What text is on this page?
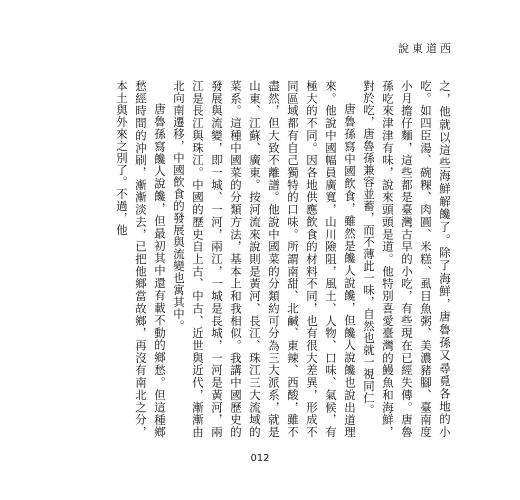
說東道西

之，他就以這些海鮮解饞了。除了海鮮，唐魯孫又尋覓各地的小吃。如四臣湯、碗粿、肉圓、米糕、虱目魚粥、美濃豬腳、臺南度小月擔仔麵，這些都是臺灣古早的小吃，有些現在已經失傳。唐魯孫吃來津津有味，說來頭頭是道。他特別喜愛臺灣的鰻魚和海鮮，對於吃，唐魯孫兼容並蓄，而不薄此一味，自然也就一視同仁。

唐魯孫寫中國飲食，雖然是饞人說饞，但饞人說饞也說出道理來。他說中國幅員廣寬，山川險阻，風土、人物、口味、氣候，有極大的不同。因各地供應飲食的材料不同，也有很大差異，形成不同區域都有自己獨特的口味。所謂南甜、北鹹、東辣、西酸，雖不盡然，但大致不離譜。他說中國菜的分類約可分為三大派系，就是山東、江蘇、廣東。按河流來說則是黃河、長江、珠江三大流域的菜系。這種中國菜的分類方法，基本上和我相似。我講中國歷史的發展與流變，即一城、一河，兩江，一城是長城，一河是黃河，兩江是長江與珠江。中國的歷史自上古、中古、近世與近代，漸漸由北向南遷移，中國飲食的發展與流變也寓其中。

唐魯孫寫饞人說饞，但最初其中還有載不動的鄉愁。但這種鄉愁經時間的沖刷，漸漸淡去，已把他鄉當故鄉，再沒有南北之分，本土與外來之別了。不過，他

012
